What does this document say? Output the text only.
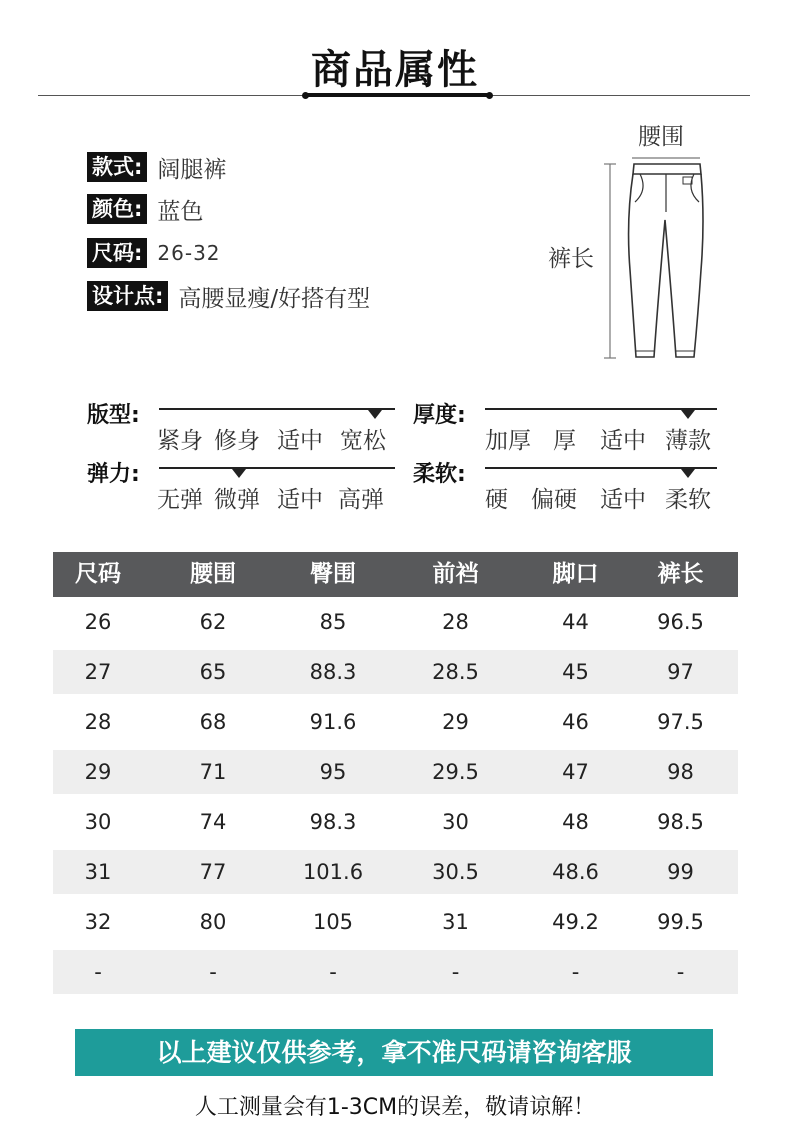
商品属性
款式: 阔腿裤
颜色: 蓝色
尺码: 26-32
设计点: 高腰显瘦/好搭有型
腰围
裤长
版型:
紧身 修身 适中 宽松
厚度:
加厚 厚 适中 薄款
弹力:
无弹 微弹 适中 高弹
柔软:
硬 偏硬 适中 柔软
尺码	腰围	臀围	前裆	脚口	裤长
26	62	85	28	44	96.5
27	65	88.3	28.5	45	97
28	68	91.6	29	46	97.5
29	71	95	29.5	47	98
30	74	98.3	30	48	98.5
31	77	101.6	30.5	48.6	99
32	80	105	31	49.2	99.5
-	-	-	-	-	-
以上建议仅供参考，拿不准尺码请咨询客服
人工测量会有1-3CM的误差，敬请谅解！
